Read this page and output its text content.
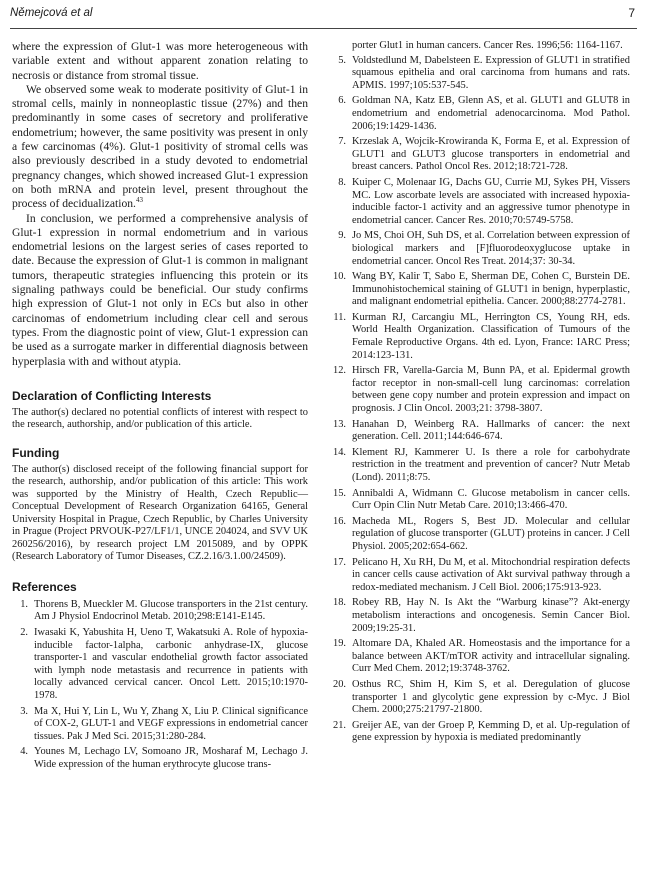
Němejcová et al	7

where the expression of Glut-1 was more heterogeneous with variable extent and without apparent zonation relating to necrosis or distance from stromal tissue.

We observed some weak to moderate positivity of Glut-1 in stromal cells, mainly in nonneoplastic tissue (27%) and then predominantly in some cases of secretory and proliferative endometrium; however, the same positivity was present in only a few carcinomas (4%). Glut-1 positivity of stromal cells was also previously described in a study devoted to endometrial pregnancy changes, which showed increased Glut-1 expression on both mRNA and protein level, present throughout the process of decidualization.$^{43}$

In conclusion, we performed a comprehensive analysis of Glut-1 expression in normal endometrium and in various endometrial lesions on the largest series of cases reported to date. Because the expression of Glut-1 is common in malignant tumors, therapeutic strategies influencing this protein or its signaling pathways could be beneficial. Our study confirms high expression of Glut-1 not only in ECs but also in other carcinomas of endometrium including clear cell and serous types. From the diagnostic point of view, Glut-1 expression can be used as a surrogate marker in differential diagnosis between hyperplasia with and without atypia.

Declaration of Conflicting Interests

The author(s) declared no potential conflicts of interest with respect to the research, authorship, and/or publication of this article.

Funding

The author(s) disclosed receipt of the following financial support for the research, authorship, and/or publication of this article: This work was supported by the Ministry of Health, Czech Republic—Conceptual Development of Research Organization 64165, General University Hospital in Prague, Czech Republic, by Charles University in Prague (Project PRVOUK-P27/LF1/1, UNCE 204024, and SVV UK 260256/2016), by research project LM 2015089, and by OPPK (Research Laboratory of Tumor Diseases, CZ.2.16/3.1.00/24509).

References
1. Thorens B, Mueckler M. Glucose transporters in the 21st century. Am J Physiol Endocrinol Metab. 2010;298:E141-E145.
2. Iwasaki K, Yabushita H, Ueno T, Wakatsuki A. Role of hypoxia-inducible factor-1alpha, carbonic anhydrase-IX, glucose transporter-1 and vascular endothelial growth factor associated with lymph node metastasis and recurrence in patients with locally advanced cervical cancer. Oncol Lett. 2015;10:1970-1978.
3. Ma X, Hui Y, Lin L, Wu Y, Zhang X, Liu P. Clinical significance of COX-2, GLUT-1 and VEGF expressions in endometrial cancer tissues. Pak J Med Sci. 2015;31:280-284.
4. Younes M, Lechago LV, Somoano JR, Mosharaf M, Lechago J. Wide expression of the human erythrocyte glucose trans-
porter Glut1 in human cancers. Cancer Res. 1996;56: 1164-1167.
5. Voldstedlund M, Dabelsteen E. Expression of GLUT1 in stratified squamous epithelia and oral carcinoma from humans and rats. APMIS. 1997;105:537-545.
6. Goldman NA, Katz EB, Glenn AS, et al. GLUT1 and GLUT8 in endometrium and endometrial adenocarcinoma. Mod Pathol. 2006;19:1429-1436.
7. Krzeslak A, Wojcik-Krowiranda K, Forma E, et al. Expression of GLUT1 and GLUT3 glucose transporters in endometrial and breast cancers. Pathol Oncol Res. 2012;18:721-728.
8. Kuiper C, Molenaar IG, Dachs GU, Currie MJ, Sykes PH, Vissers MC. Low ascorbate levels are associated with increased hypoxia-inducible factor-1 activity and an aggressive tumor phenotype in endometrial cancer. Cancer Res. 2010;70:5749-5758.
9. Jo MS, Choi OH, Suh DS, et al. Correlation between expression of biological markers and [F]fluorodeoxyglucose uptake in endometrial cancer. Oncol Res Treat. 2014;37: 30-34.
10. Wang BY, Kalir T, Sabo E, Sherman DE, Cohen C, Burstein DE. Immunohistochemical staining of GLUT1 in benign, hyperplastic, and malignant endometrial epithelia. Cancer. 2000;88:2774-2781.
11. Kurman RJ, Carcangiu ML, Herrington CS, Young RH, eds. World Health Organization. Classification of Tumours of the Female Reproductive Organs. 4th ed. Lyon, France: IARC Press; 2014:123-131.
12. Hirsch FR, Varella-Garcia M, Bunn PA, et al. Epidermal growth factor receptor in non-small-cell lung carcinomas: correlation between gene copy number and protein expression and impact on prognosis. J Clin Oncol. 2003;21: 3798-3807.
13. Hanahan D, Weinberg RA. Hallmarks of cancer: the next generation. Cell. 2011;144:646-674.
14. Klement RJ, Kammerer U. Is there a role for carbohydrate restriction in the treatment and prevention of cancer? Nutr Metab (Lond). 2011;8:75.
15. Annibaldi A, Widmann C. Glucose metabolism in cancer cells. Curr Opin Clin Nutr Metab Care. 2010;13:466-470.
16. Macheda ML, Rogers S, Best JD. Molecular and cellular regulation of glucose transporter (GLUT) proteins in cancer. J Cell Physiol. 2005;202:654-662.
17. Pelicano H, Xu RH, Du M, et al. Mitochondrial respiration defects in cancer cells cause activation of Akt survival pathway through a redox-mediated mechanism. J Cell Biol. 2006;175:913-923.
18. Robey RB, Hay N. Is Akt the “Warburg kinase”? Akt-energy metabolism interactions and oncogenesis. Semin Cancer Biol. 2009;19:25-31.
19. Altomare DA, Khaled AR. Homeostasis and the importance for a balance between AKT/mTOR activity and intracellular signaling. Curr Med Chem. 2012;19:3748-3762.
20. Osthus RC, Shim H, Kim S, et al. Deregulation of glucose transporter 1 and glycolytic gene expression by c-Myc. J Biol Chem. 2000;275:21797-21800.
21. Greijer AE, van der Groep P, Kemming D, et al. Up-regulation of gene expression by hypoxia is mediated predominantly
